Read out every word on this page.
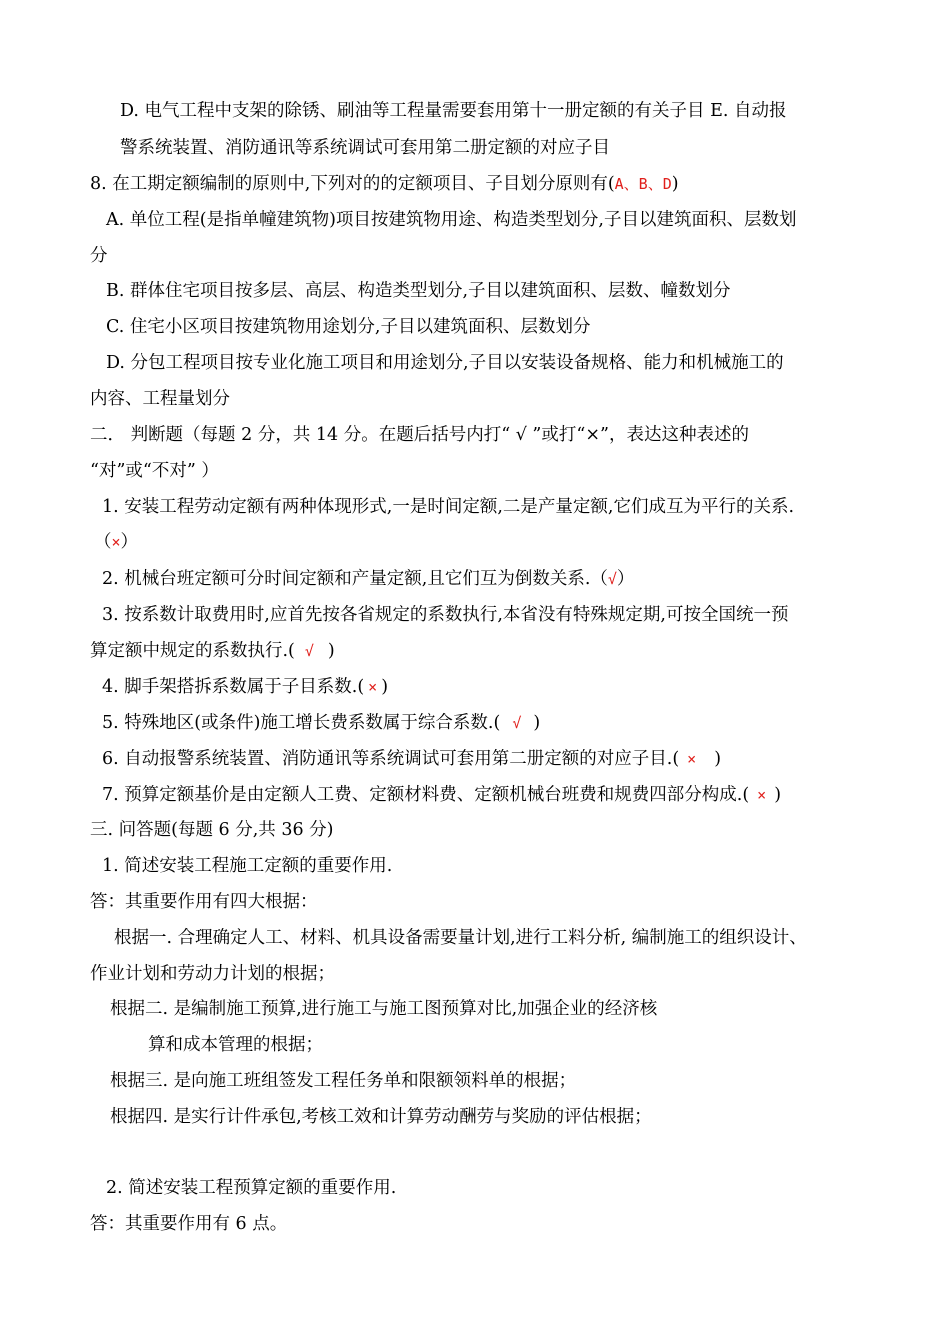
D. 电气工程中支架的除锈、刷油等工程量需要套用第十一册定额的有关子目 E. 自动报
警系统装置、消防通讯等系统调试可套用第二册定额的对应子目
8. 在工期定额编制的原则中,下列对的的定额项目、子目划分原则有(A、B、D)
A. 单位工程(是指单幢建筑物)项目按建筑物用途、构造类型划分,子目以建筑面积、层数划
分
B. 群体住宅项目按多层、高层、构造类型划分,子目以建筑面积、层数、幢数划分
C. 住宅小区项目按建筑物用途划分,子目以建筑面积、层数划分
D. 分包工程项目按专业化施工项目和用途划分,子目以安装设备规格、能力和机械施工的
内容、工程量划分
二． 判断题（每题 2 分，共 14 分。在题后括号内打“ √ ”或打“×”，表达这种表述的
“对”或“不对” ）
1. 安装工程劳动定额有两种体现形式,一是时间定额,二是产量定额,它们成互为平行的关系.
（×）
2. 机械台班定额可分时间定额和产量定额,且它们互为倒数关系.（√）
3. 按系数计取费用时,应首先按各省规定的系数执行,本省没有特殊规定期,可按全国统一预
算定额中规定的系数执行.( √ )
4. 脚手架搭拆系数属于子目系数.( × )
5. 特殊地区(或条件)施工增长费系数属于综合系数.( √ )
6. 自动报警系统装置、消防通讯等系统调试可套用第二册定额的对应子目.( × )
7. 预算定额基价是由定额人工费、定额材料费、定额机械台班费和规费四部分构成.( × )
三. 问答题(每题 6 分,共 36 分)
1. 简述安装工程施工定额的重要作用.
答：其重要作用有四大根据：
根据一. 合理确定人工、材料、机具设备需要量计划,进行工料分析, 编制施工的组织设计、
作业计划和劳动力计划的根据；
根据二. 是编制施工预算,进行施工与施工图预算对比,加强企业的经济核
算和成本管理的根据；
根据三. 是向施工班组签发工程任务单和限额领料单的根据；
根据四. 是实行计件承包,考核工效和计算劳动酬劳与奖励的评估根据；
2. 简述安装工程预算定额的重要作用.
答：其重要作用有 6 点。
